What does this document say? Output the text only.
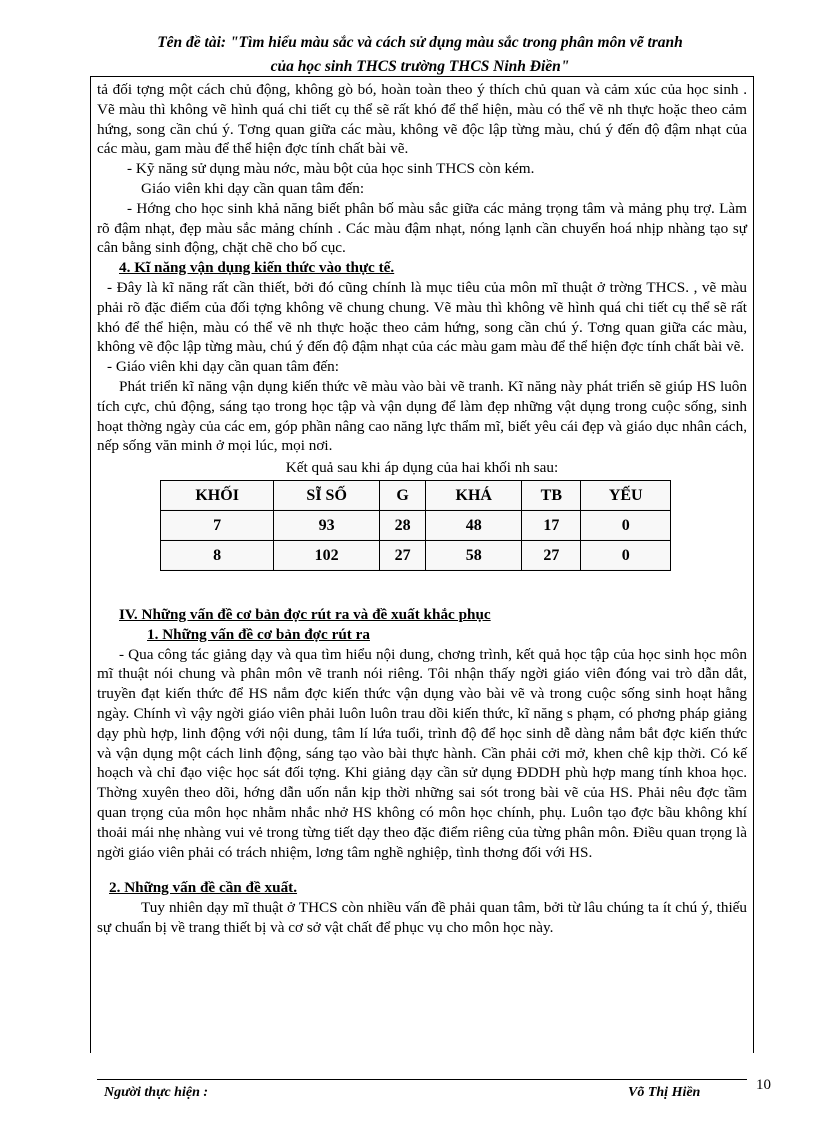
Tên đề tài: "Tìm hiểu màu sắc và cách sử dụng màu sắc trong phân môn vẽ tranh
của học sinh THCS trường THCS Ninh Điền"

tả đối tợng một cách chủ động, không gò bó, hoàn toàn theo ý thích chủ quan và cảm xúc của học sinh . Vẽ màu thì không vẽ hình quá chi tiết cụ thể sẽ rất khó để thể hiện, màu có thể vẽ nh thực hoặc theo cảm hứng, song cần chú ý. Tơng quan giữa các màu, không vẽ độc lập từng màu, chú ý đến độ đậm nhạt của các màu, gam màu để thể hiện đợc tính chất bài vẽ.

- Kỹ năng sử dụng màu nớc, màu bột của học sinh THCS còn kém.

Giáo viên khi dạy cần quan tâm đến:

- Hớng cho học sinh khả năng biết phân bố màu sắc giữa các mảng trọng tâm và mảng phụ trợ. Làm rõ đậm nhạt, đẹp màu sắc mảng chính . Các màu đậm nhạt, nóng lạnh cần chuyển hoá nhịp nhàng tạo sự cân bằng sinh động, chặt chẽ cho bố cục.

4. Kĩ năng vận dụng kiến thức vào thực tế.

- Đây là kĩ năng rất cần thiết, bởi đó cũng chính là mục tiêu của môn mĩ thuật ở trờng THCS. , vẽ màu phải rõ đặc điểm của đối tợng không vẽ chung chung. Vẽ màu thì không vẽ hình quá chi tiết cụ thể sẽ rất khó để thể hiện, màu có thể vẽ nh thực hoặc theo cảm hứng, song cần chú ý. Tơng quan giữa các màu, không vẽ độc lập từng màu, chú ý đến độ đậm nhạt của các màu gam màu để thể hiện đợc tính chất bài vẽ.

- Giáo viên khi dạy cần quan tâm đến:

Phát triển kĩ năng vận dụng kiến thức vẽ màu vào bài vẽ tranh. Kĩ năng này phát triển sẽ giúp HS luôn tích cực, chủ động, sáng tạo trong học tập và vận dụng để làm đẹp những vật dụng trong cuộc sống, sinh hoạt thờng ngày của các em, góp phần nâng cao năng lực thẩm mĩ, biết yêu cái đẹp và giáo dục nhân cách, nếp sống văn minh ở mọi lúc, mọi nơi.

Kết quả sau khi áp dụng của hai khối nh sau:

KHỐI	SĨ SỐ	G	KHÁ	TB	YẾU
7	93	28	48	17	0
8	102	27	58	27	0

IV. Những vấn đề cơ bản đợc rút ra và đề xuất khắc phục

1. Những vấn đề cơ bản đợc rút ra

- Qua công tác giảng dạy và qua tìm hiểu nội dung, chơng trình, kết quả học tập của học sinh học môn mĩ thuật nói chung và phân môn vẽ tranh nói riêng. Tôi nhận thấy ngời giáo viên đóng vai trò dẫn dắt, truyền đạt kiến thức để HS nắm đợc kiến thức vận dụng vào bài vẽ và trong cuộc sống sinh hoạt hằng ngày. Chính vì vậy ngời giáo viên phải luôn luôn trau dồi kiến thức, kĩ năng s phạm, có phơng pháp giảng dạy phù hợp, linh động với nội dung, tâm lí lứa tuổi, trình độ để học sinh dễ dàng nắm bắt đợc kiến thức và vận dụng một cách linh động, sáng tạo vào bài thực hành. Cần phải cởi mở, khen chê kịp thời. Có kế hoạch và chỉ đạo việc học sát đối tợng. Khi giảng dạy cần sử dụng ĐDDH phù hợp mang tính khoa học. Thờng xuyên theo dõi, hớng dẫn uốn nắn kịp thời những sai sót trong bài vẽ của HS. Phải nêu đợc tầm quan trọng của môn học nhằm nhắc nhở HS không có môn học chính, phụ. Luôn tạo đợc bầu không khí thoải mái nhẹ nhàng vui vẻ trong từng tiết dạy theo đặc điểm riêng của từng phân môn. Điều quan trọng là ngời giáo viên phải có trách nhiệm, lơng tâm nghề nghiệp, tình thơng đối với HS.

2. Những vấn đề cần đề xuất.

Tuy nhiên dạy mĩ thuật ở THCS còn nhiều vấn đề phải quan tâm, bởi từ lâu chúng ta ít chú ý, thiếu sự chuẩn bị về trang thiết bị và cơ sở vật chất để phục vụ cho môn học này.

Người thực hiện :	Võ Thị Hiền	10
